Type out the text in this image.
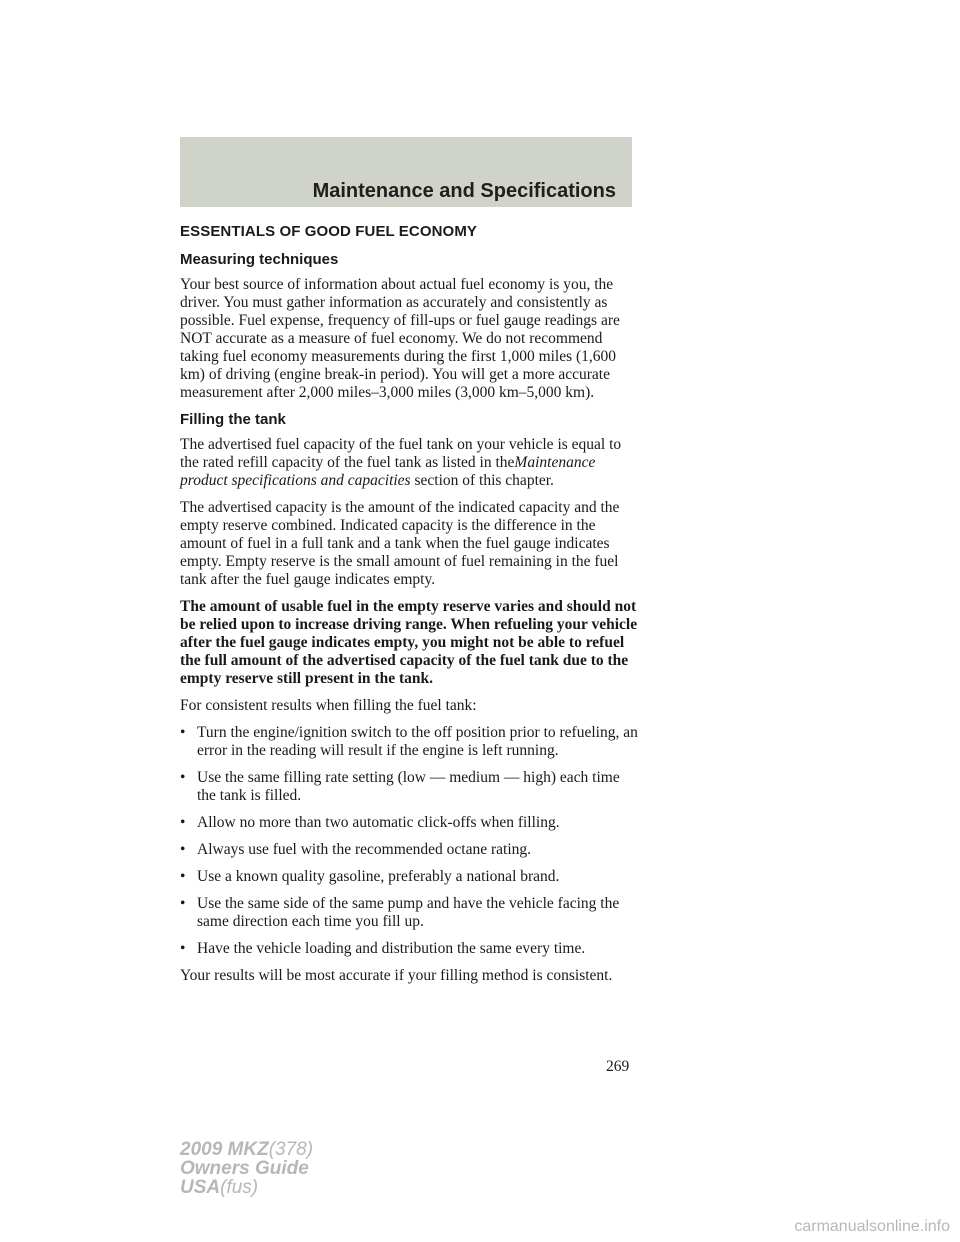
Maintenance and Specifications
ESSENTIALS OF GOOD FUEL ECONOMY
Measuring techniques

Your best source of information about actual fuel economy is you, the driver. You must gather information as accurately and consistently as possible. Fuel expense, frequency of fill-ups or fuel gauge readings are NOT accurate as a measure of fuel economy. We do not recommend taking fuel economy measurements during the first 1,000 miles (1,600 km) of driving (engine break-in period). You will get a more accurate measurement after 2,000 miles–3,000 miles (3,000 km–5,000 km).

Filling the tank

The advertised fuel capacity of the fuel tank on your vehicle is equal to the rated refill capacity of the fuel tank as listed in theMaintenance product specifications and capacities section of this chapter.

The advertised capacity is the amount of the indicated capacity and the empty reserve combined. Indicated capacity is the difference in the amount of fuel in a full tank and a tank when the fuel gauge indicates empty. Empty reserve is the small amount of fuel remaining in the fuel tank after the fuel gauge indicates empty.

The amount of usable fuel in the empty reserve varies and should not be relied upon to increase driving range. When refueling your vehicle after the fuel gauge indicates empty, you might not be able to refuel the full amount of the advertised capacity of the fuel tank due to the empty reserve still present in the tank.

For consistent results when filling the fuel tank:

• Turn the engine/ignition switch to the off position prior to refueling, an error in the reading will result if the engine is left running.
• Use the same filling rate setting (low — medium — high) each time the tank is filled.
• Allow no more than two automatic click-offs when filling.
• Always use fuel with the recommended octane rating.
• Use a known quality gasoline, preferably a national brand.
• Use the same side of the same pump and have the vehicle facing the same direction each time you fill up.
• Have the vehicle loading and distribution the same every time.

Your results will be most accurate if your filling method is consistent.

269
2009 MKZ(378)
Owners Guide
USA(fus)
carmanualsonline.info
